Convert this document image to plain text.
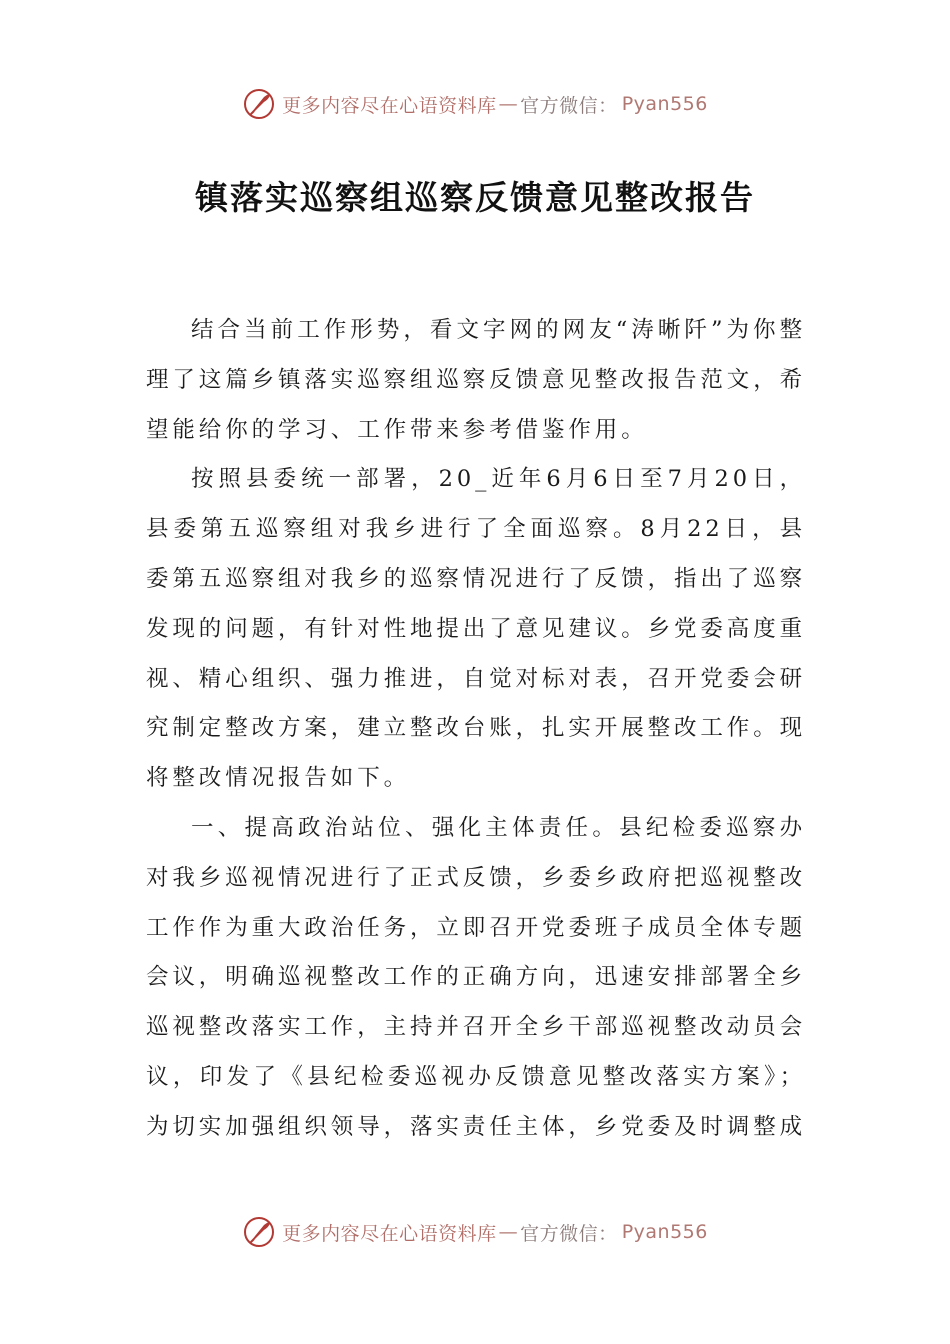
更多内容尽在心语资料库 — 官方微信： Pyan556
镇落实巡察组巡察反馈意见整改报告

结合当前工作形势，看文字网的网友“涛晰阡”为你整理了这篇乡镇落实巡察组巡察反馈意见整改报告范文，希望能给你的学习、工作带来参考借鉴作用。

按照县委统一部署，20_近年6月6日至7月20日，县委第五巡察组对我乡进行了全面巡察。8月22日，县委第五巡察组对我乡的巡察情况进行了反馈，指出了巡察发现的问题，有针对性地提出了意见建议。乡党委高度重视、精心组织、强力推进，自觉对标对表，召开党委会研究制定整改方案，建立整改台账，扎实开展整改工作。现将整改情况报告如下。

一、提高政治站位、强化主体责任。县纪检委巡察办对我乡巡视情况进行了正式反馈，乡委乡政府把巡视整改工作作为重大政治任务，立即召开党委班子成员全体专题会议，明确巡视整改工作的正确方向，迅速安排部署全乡巡视整改落实工作，主持并召开全乡干部巡视整改动员会议，印发了《县纪检委巡视办反馈意见整改落实方案》；为切实加强组织领导，落实责任主体，乡党委及时调整成

更多内容尽在心语资料库 — 官方微信： Pyan556
